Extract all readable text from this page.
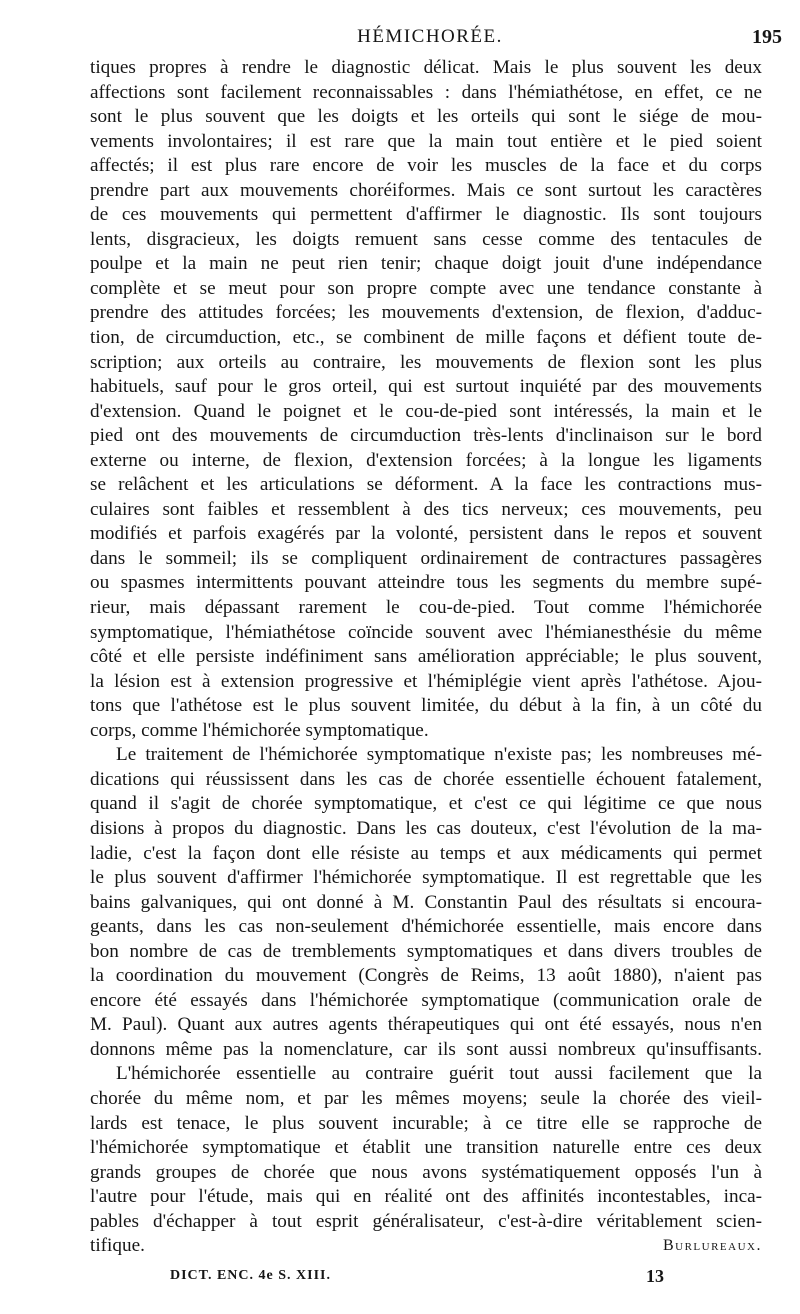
HÉMICHORÉE.	195
tiques propres à rendre le diagnostic délicat. Mais le plus souvent les deux
affections sont facilement reconnaissables : dans l'hémiathétose, en effet, ce ne
sont le plus souvent que les doigts et les orteils qui sont le siége de mou-
vements involontaires; il est rare que la main tout entière et le pied soient
affectés; il est plus rare encore de voir les muscles de la face et du corps
prendre part aux mouvements choréiformes. Mais ce sont surtout les caractères
de ces mouvements qui permettent d'affirmer le diagnostic. Ils sont toujours
lents, disgracieux, les doigts remuent sans cesse comme des tentacules de
poulpe et la main ne peut rien tenir; chaque doigt jouit d'une indépendance
complète et se meut pour son propre compte avec une tendance constante à
prendre des attitudes forcées; les mouvements d'extension, de flexion, d'adduc-
tion, de circumduction, etc., se combinent de mille façons et défient toute de-
scription; aux orteils au contraire, les mouvements de flexion sont les plus
habituels, sauf pour le gros orteil, qui est surtout inquiété par des mouvements
d'extension. Quand le poignet et le cou-de-pied sont intéressés, la main et le
pied ont des mouvements de circumduction très-lents d'inclinaison sur le bord
externe ou interne, de flexion, d'extension forcées; à la longue les ligaments
se relâchent et les articulations se déforment. A la face les contractions mus-
culaires sont faibles et ressemblent à des tics nerveux; ces mouvements, peu
modifiés et parfois exagérés par la volonté, persistent dans le repos et souvent
dans le sommeil; ils se compliquent ordinairement de contractures passagères
ou spasmes intermittents pouvant atteindre tous les segments du membre supé-
rieur, mais dépassant rarement le cou-de-pied. Tout comme l'hémichorée
symptomatique, l'hémiathétose coïncide souvent avec l'hémianesthésie du même
côté et elle persiste indéfiniment sans amélioration appréciable; le plus souvent,
la lésion est à extension progressive et l'hémiplégie vient après l'athétose. Ajou-
tons que l'athétose est le plus souvent limitée, du début à la fin, à un côté du
corps, comme l'hémichorée symptomatique.
Le traitement de l'hémichorée symptomatique n'existe pas; les nombreuses mé-
dications qui réussissent dans les cas de chorée essentielle échouent fatalement,
quand il s'agit de chorée symptomatique, et c'est ce qui légitime ce que nous
disions à propos du diagnostic. Dans les cas douteux, c'est l'évolution de la ma-
ladie, c'est la façon dont elle résiste au temps et aux médicaments qui permet
le plus souvent d'affirmer l'hémichorée symptomatique. Il est regrettable que les
bains galvaniques, qui ont donné à M. Constantin Paul des résultats si encoura-
geants, dans les cas non-seulement d'hémichorée essentielle, mais encore dans
bon nombre de cas de tremblements symptomatiques et dans divers troubles de
la coordination du mouvement (Congrès de Reims, 13 août 1880), n'aient pas
encore été essayés dans l'hémichorée symptomatique (communication orale de
M. Paul). Quant aux autres agents thérapeutiques qui ont été essayés, nous n'en
donnons même pas la nomenclature, car ils sont aussi nombreux qu'insuffisants.
L'hémichorée essentielle au contraire guérit tout aussi facilement que la
chorée du même nom, et par les mêmes moyens; seule la chorée des vieil-
lards est tenace, le plus souvent incurable; à ce titre elle se rapproche de
l'hémichorée symptomatique et établit une transition naturelle entre ces deux
grands groupes de chorée que nous avons systématiquement opposés l'un à
l'autre pour l'étude, mais qui en réalité ont des affinités incontestables, inca-
pables d'échapper à tout esprit généralisateur, c'est-à-dire véritablement scien-
tifique.	Burlureaux.
DICT. ENC. 4e S. XIII.	13
